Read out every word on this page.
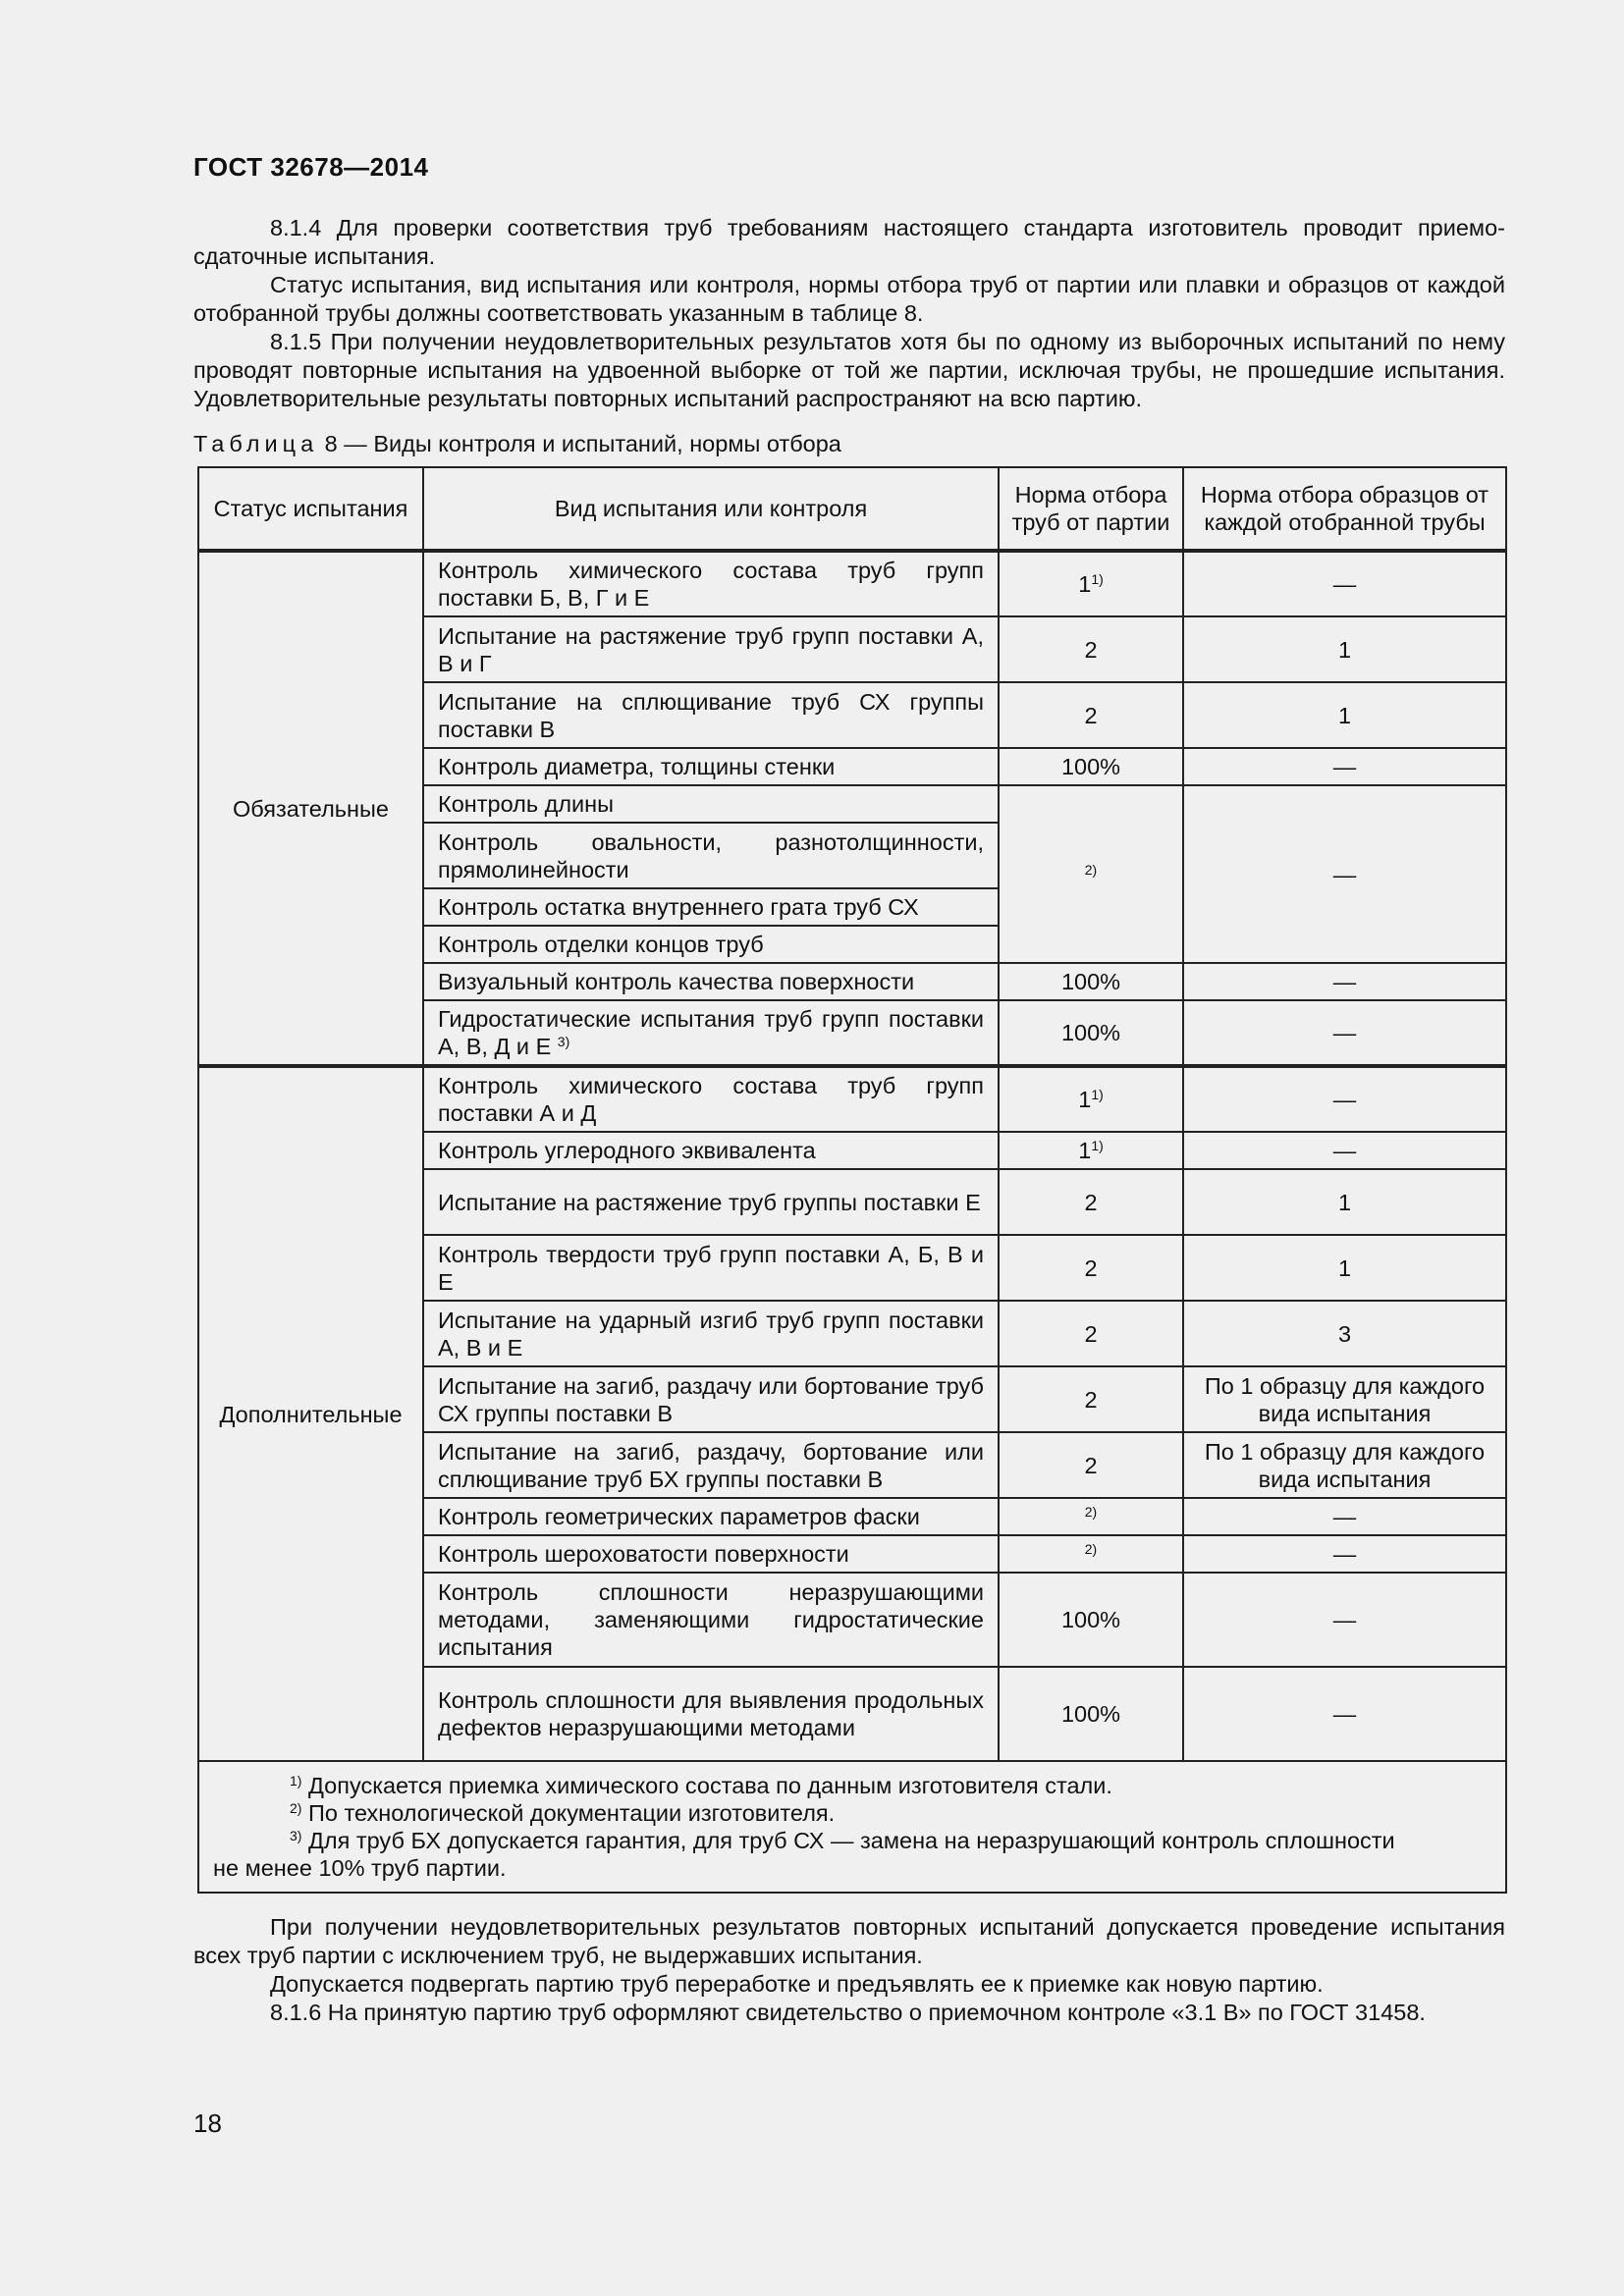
ГОСТ 32678—2014

8.1.4 Для проверки соответствия труб требованиям настоящего стандарта изготовитель проводит приемо-сдаточные испытания.

Статус испытания, вид испытания или контроля, нормы отбора труб от партии или плавки и образцов от каждой отобранной трубы должны соответствовать указанным в таблице 8.

8.1.5 При получении неудовлетворительных результатов хотя бы по одному из выборочных испытаний по нему проводят повторные испытания на удвоенной выборке от той же партии, исключая трубы, не прошедшие испытания. Удовлетворительные результаты повторных испытаний распространяют на всю партию.

Таблица 8 — Виды контроля и испытаний, нормы отбора
Статус испытания	Вид испытания или контроля	Норма отбора труб от партии	Норма отбора образцов от каждой отобранной трубы
Обязательные	Контроль химического состава труб групп поставки Б, В, Г и Е	1$^{1)}$	—
	Испытание на растяжение труб групп поставки А, В и Г	2	1
	Испытание на сплющивание труб СХ группы поставки В	2	1
	Контроль диаметра, толщины стенки	100%	—
	Контроль длины	$^{2)}$	—
	Контроль овальности, разнотолщинности, прямолинейности		
	Контроль остатка внутреннего грата труб СХ		
	Контроль отделки концов труб		
	Визуальный контроль качества поверхности	100%	—
	Гидростатические испытания труб групп поставки А, В, Д и Е $^{3)}$	100%	—
Дополнительные	Контроль химического состава труб групп поставки А и Д	1$^{1)}$	—
	Контроль углеродного эквивалента	1$^{1)}$	—
	Испытание на растяжение труб группы поставки Е	2	1
	Контроль твердости труб групп поставки А, Б, В и Е	2	1
	Испытание на ударный изгиб труб групп поставки А, В и Е	2	3
	Испытание на загиб, раздачу или бортование труб СХ группы поставки В	2	По 1 образцу для каждого вида испытания
	Испытание на загиб, раздачу, бортование или сплющивание труб БХ группы поставки В	2	По 1 образцу для каждого вида испытания
	Контроль геометрических параметров фаски	$^{2)}$	—
	Контроль шероховатости поверхности	$^{2)}$	—
	Контроль сплошности неразрушающими методами, заменяющими гидростатические испытания	100%	—
	Контроль сплошности для выявления продольных дефектов неразрушающими методами	100%	—

$^{1)}$ Допускается приемка химического состава по данным изготовителя стали.
$^{2)}$ По технологической документации изготовителя.
$^{3)}$ Для труб БХ допускается гарантия, для труб СХ — замена на неразрушающий контроль сплошности
не менее 10% труб партии.			

При получении неудовлетворительных результатов повторных испытаний допускается проведение испытания всех труб партии с исключением труб, не выдержавших испытания.

Допускается подвергать партию труб переработке и предъявлять ее к приемке как новую партию.

8.1.6 На принятую партию труб оформляют свидетельство о приемочном контроле «3.1 В» по ГОСТ 31458.

18
